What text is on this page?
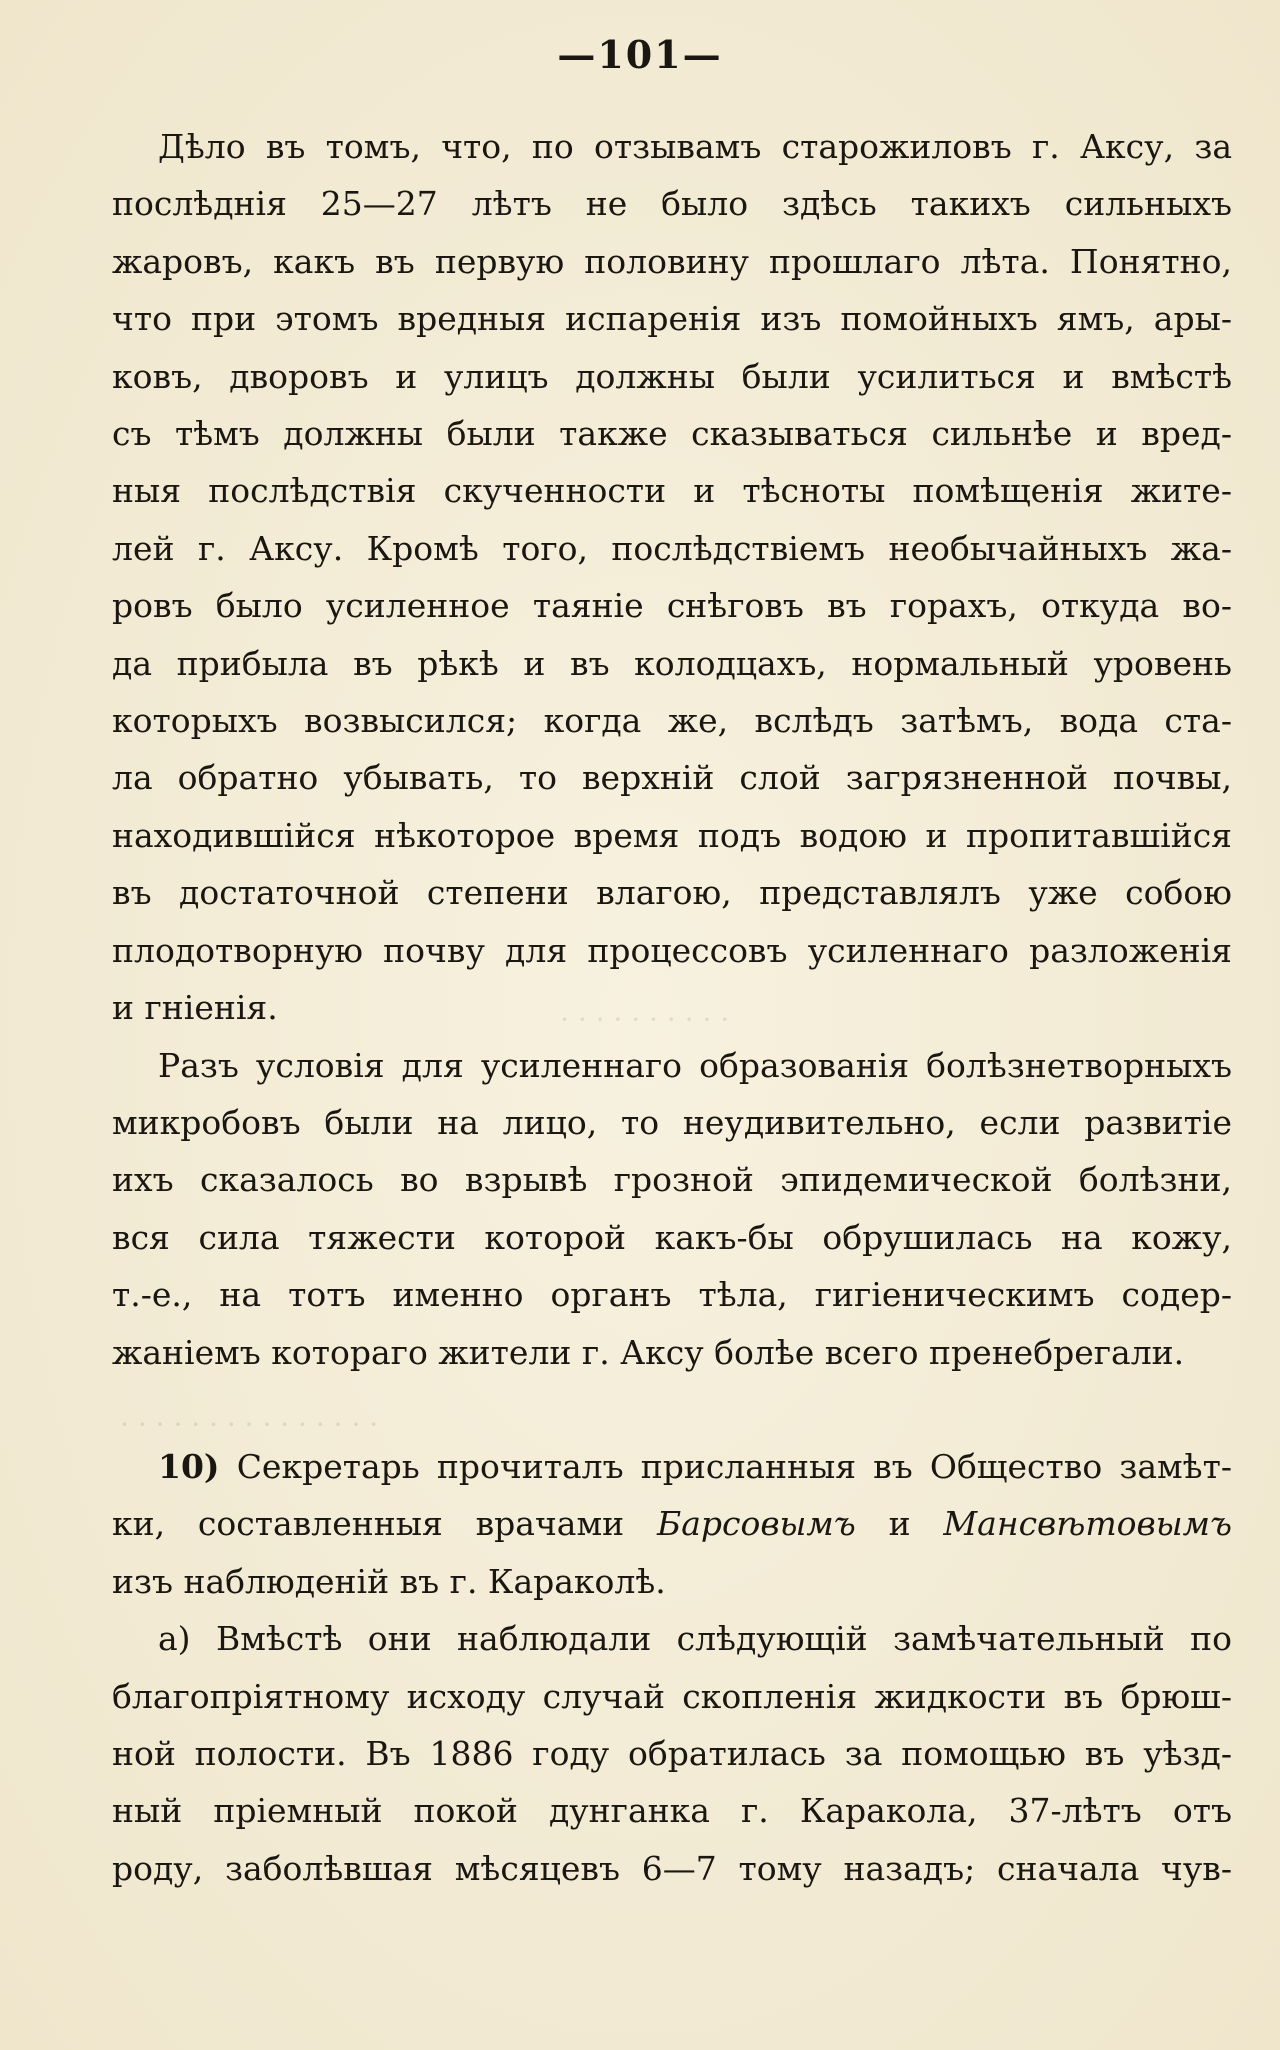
· · · · · · · · · ·
· · · · · · · · · · · · · · ·
—101—

Дѣло въ томъ, что, по отзывамъ старожиловъ г. Аксу, за
послѣднія 25—27 лѣтъ не было здѣсь такихъ сильныхъ
жаровъ, какъ въ первую половину прошлаго лѣта. Понятно,
что при этомъ вредныя испаренія изъ помойныхъ ямъ, ары-
ковъ, дворовъ и улицъ должны были усилиться и вмѣстѣ
съ тѣмъ должны были также сказываться сильнѣе и вред-
ныя послѣдствія скученности и тѣсноты помѣщенія жите-
лей г. Аксу. Кромѣ того, послѣдствіемъ необычайныхъ жа-
ровъ было усиленное таяніе снѣговъ въ горахъ, откуда во-
да прибыла въ рѣкѣ и въ колодцахъ, нормальный уровень
которыхъ возвысился; когда же, вслѣдъ затѣмъ, вода ста-
ла обратно убывать, то верхній слой загрязненной почвы,
находившійся нѣкоторое время подъ водою и пропитавшійся
въ достаточной степени влагою, представлялъ уже собою
плодотворную почву для процессовъ усиленнаго разложенія
и гніенія.

Разъ условія для усиленнаго образованія болѣзнетворныхъ
микробовъ были на лицо, то неудивительно, если развитіе
ихъ сказалось во взрывѣ грозной эпидемической болѣзни,
вся сила тяжести которой какъ-бы обрушилась на кожу,
т.-е., на тотъ именно органъ тѣла, гигіеническимъ содер-
жаніемъ котораго жители г. Аксу болѣе всего пренебрегали.

10) Секретарь прочиталъ присланныя въ Общество замѣт-
ки, составленныя врачами Барсовымъ и Мансвѣтовымъ
изъ наблюденій въ г. Караколѣ.

а) Вмѣстѣ они наблюдали слѣдующій замѣчательный по
благопріятному исходу случай скопленія жидкости въ брюш-
ной полости. Въ 1886 году обратилась за помощью въ уѣзд-
ный пріемный покой дунганка г. Каракола, 37-лѣтъ отъ
роду, заболѣвшая мѣсяцевъ 6—7 тому назадъ; сначала чув-
